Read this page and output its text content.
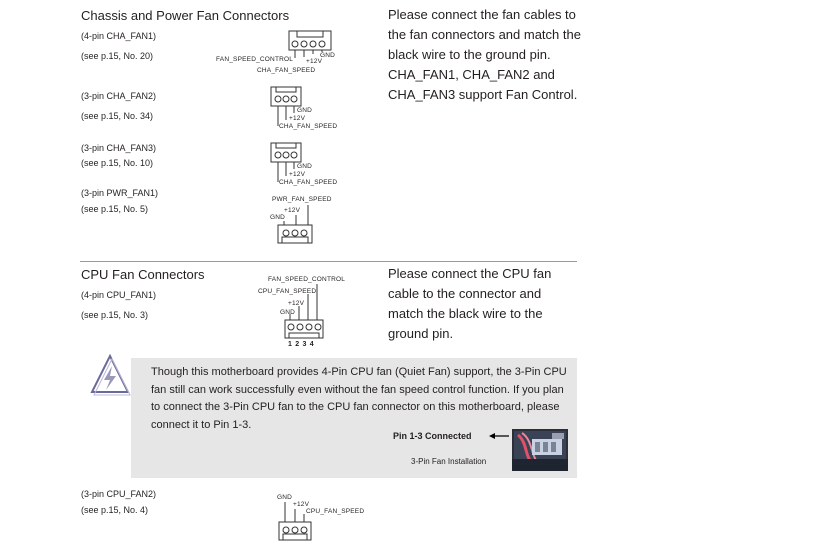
Chassis and Power Fan Connectors
(4-pin CHA_FAN1)
(see p.15, No. 20)
(3-pin CHA_FAN2)
(see p.15, No. 34)
(3-pin CHA_FAN3)
(see p.15, No. 10)
(3-pin PWR_FAN1)
(see p.15, No. 5)
Please connect the fan cables to the fan connectors and match the black wire to the ground pin. CHA_FAN1, CHA_FAN2 and CHA_FAN3 support Fan Control.
GND
+12V
FAN_SPEED_CONTROL
CHA_FAN_SPEED
GND
+12V
CHA_FAN_SPEED
GND
+12V
CHA_FAN_SPEED
PWR_FAN_SPEED
+12V
GND
CPU Fan Connectors
(4-pin CPU_FAN1)
(see p.15, No. 3)
Please connect the CPU fan cable to the connector and match the black wire to the ground pin.
FAN_SPEED_CONTROL
CPU_FAN_SPEED
+12V
GND
1 2 3 4
Though this motherboard provides 4-Pin CPU fan (Quiet Fan) support, the 3-Pin CPU fan still can work successfully even without the fan speed control function. If you plan to connect the 3-Pin CPU fan to the CPU fan connector on this motherboard, please connect it to Pin 1-3.
Pin 1-3 Connected
3-Pin Fan Installation
(3-pin CPU_FAN2)
(see p.15, No. 4)
GND
+12V
CPU_FAN_SPEED
